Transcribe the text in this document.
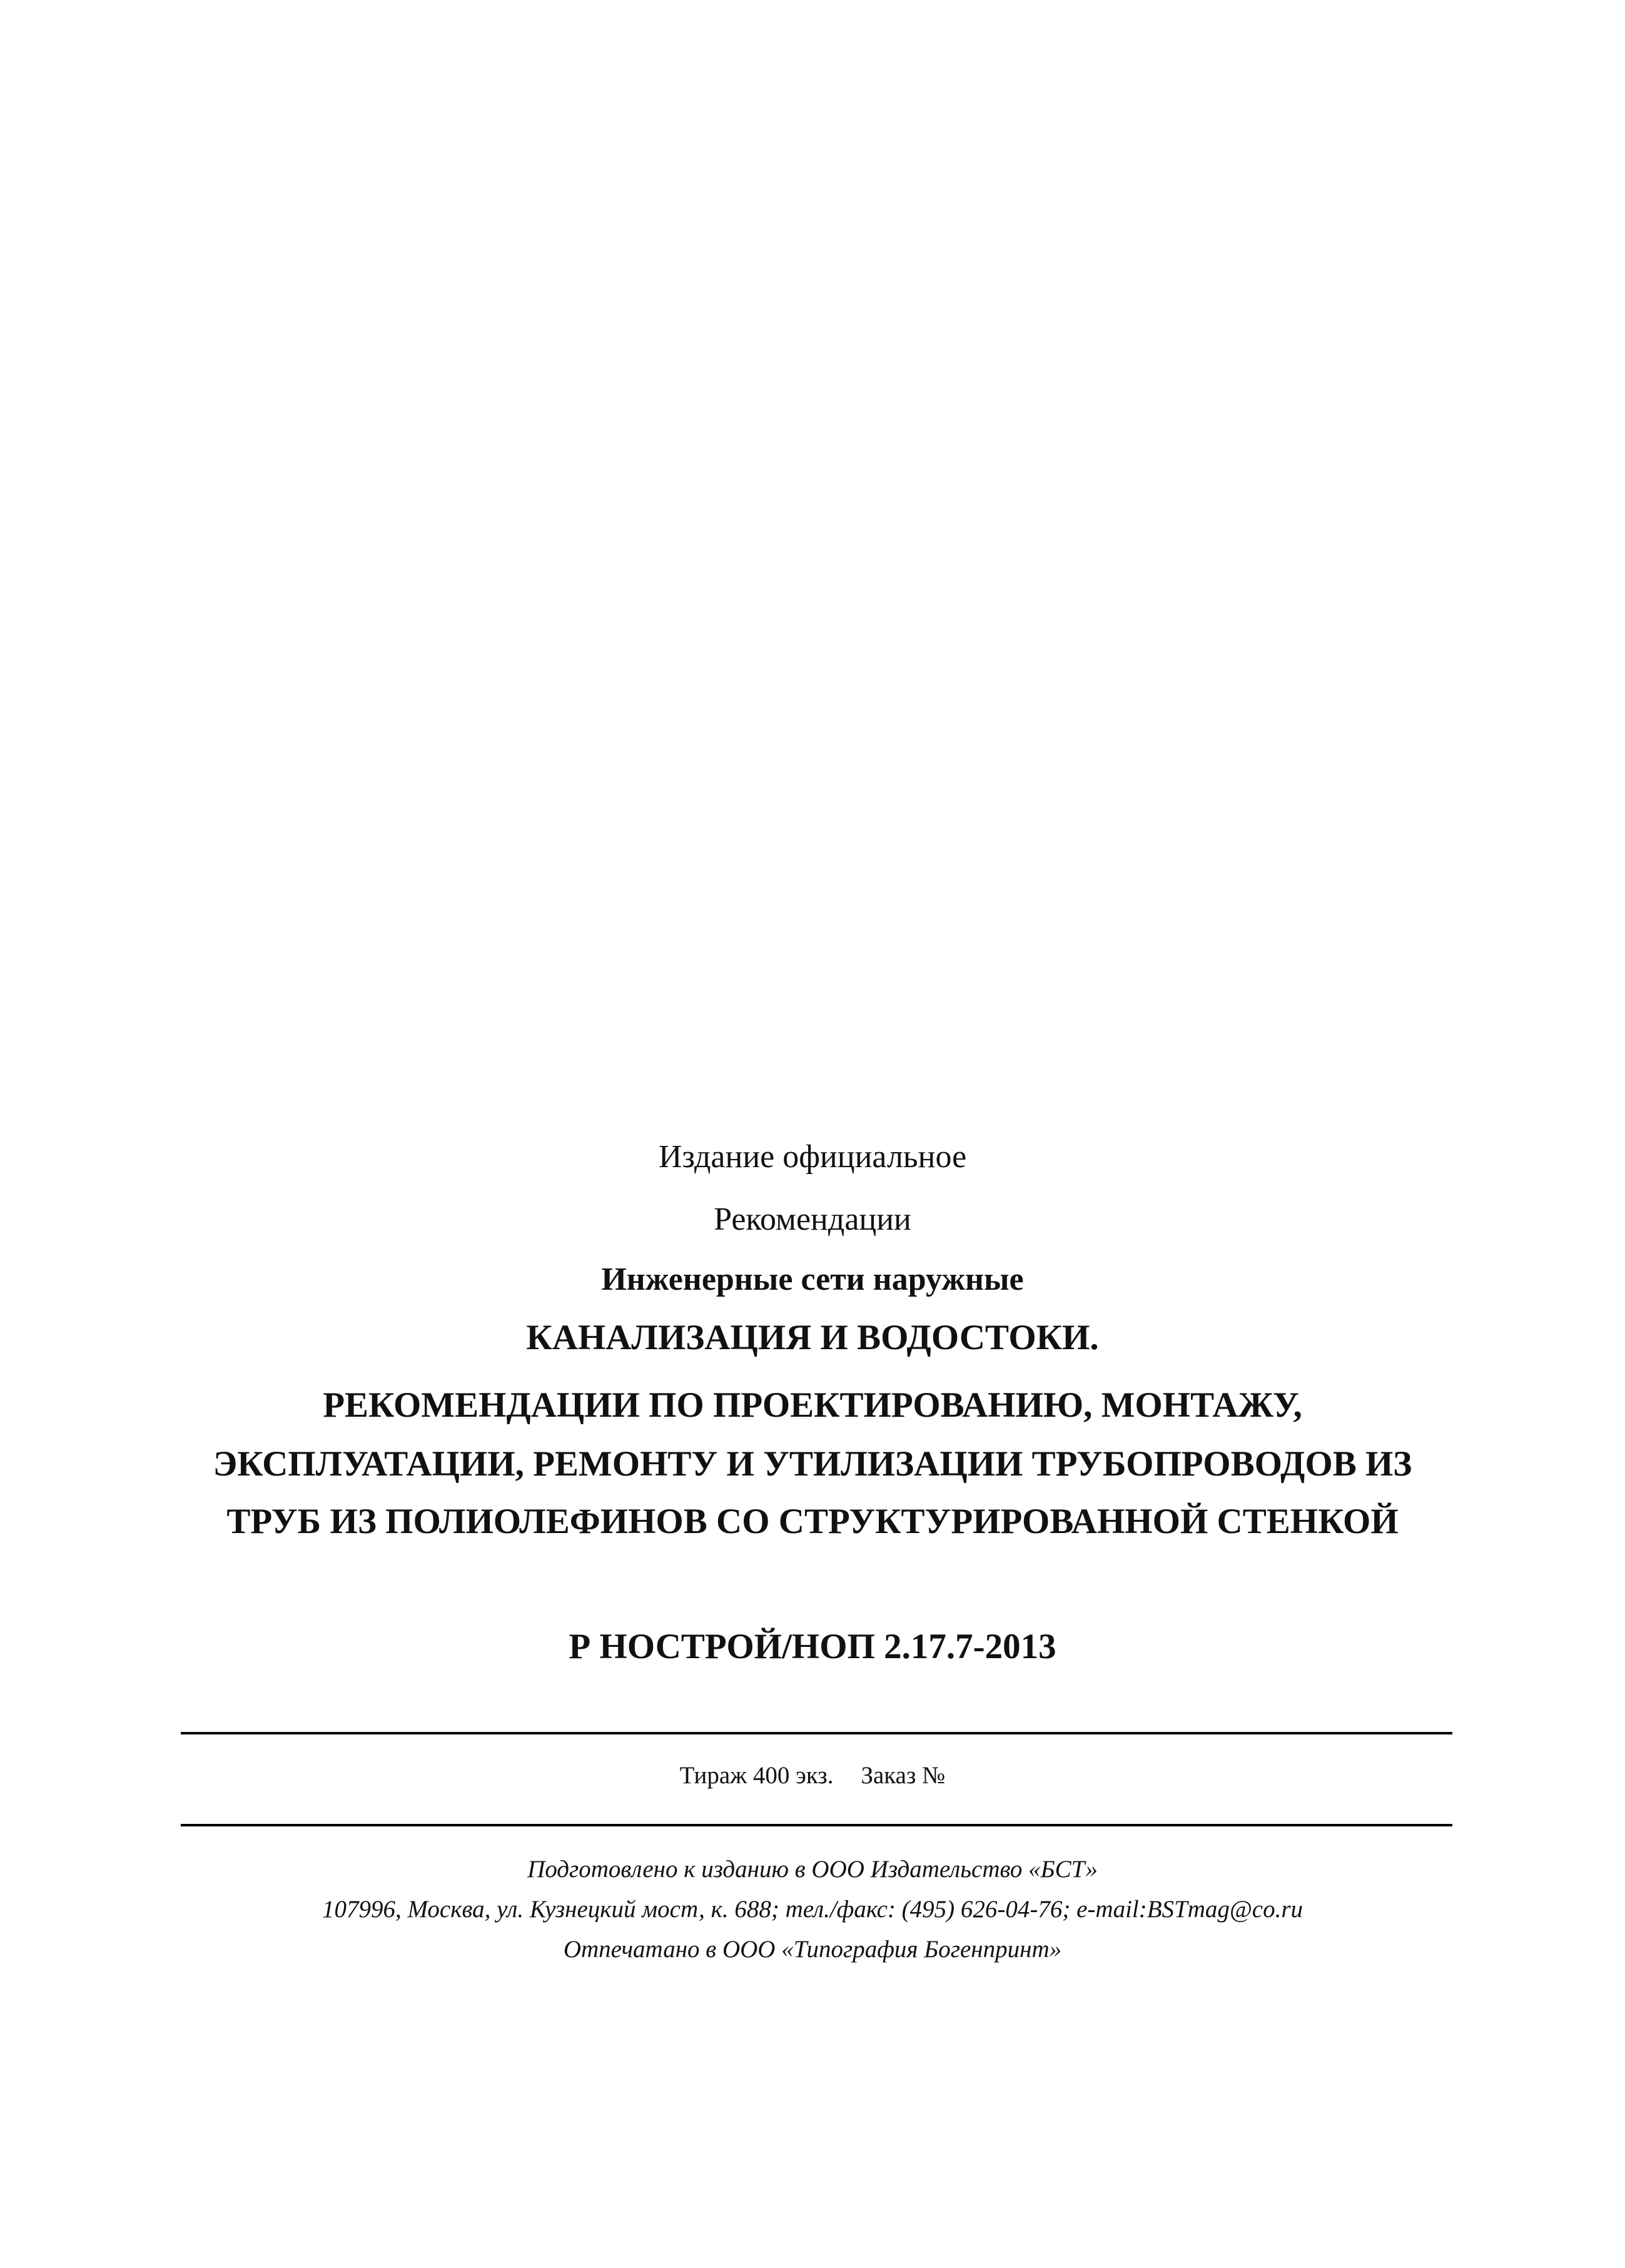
Издание официальное
Рекомендации
Инженерные сети наружные
КАНАЛИЗАЦИЯ И ВОДОСТОКИ.
РЕКОМЕНДАЦИИ ПО ПРОЕКТИРОВАНИЮ, МОНТАЖУ,
ЭКСПЛУАТАЦИИ, РЕМОНТУ И УТИЛИЗАЦИИ ТРУБОПРОВОДОВ ИЗ
ТРУБ ИЗ ПОЛИОЛЕФИНОВ СО СТРУКТУРИРОВАННОЙ СТЕНКОЙ
Р НОСТРОЙ/НОП 2.17.7-2013
Тираж 400 экз. Заказ №
Подготовлено к изданию в ООО Издательство «БСТ»
107996, Москва, ул. Кузнецкий мост, к. 688; тел./факс: (495) 626-04-76; e-mail:BSTmag@co.ru
Отпечатано в ООО «Типография Богенпринт»
